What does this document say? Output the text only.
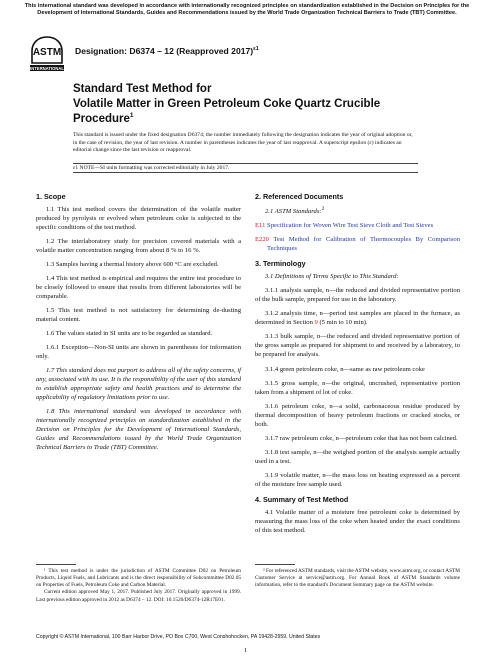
This international standard was developed in accordance with internationally recognized principles on standardization established in the Decision on Principles for the Development of International Standards, Guides and Recommendations issued by the World Trade Organization Technical Barriers to Trade (TBT) Committee.
ASTM
INTERNATIONAL
Designation: D6374 – 12 (Reapproved 2017)$^{\varepsilon 1}$
Standard Test Method for
Volatile Matter in Green Petroleum Coke Quartz Crucible Procedure$^1$
This standard is issued under the fixed designation D6374; the number immediately following the designation indicates the year of original adoption or, in the case of revision, the year of last revision. A number in parentheses indicates the year of last reapproval. A superscript epsilon (ε) indicates an editorial change since the last revision or reapproval.
ε1 NOTE—SI units formatting was corrected editorially in July 2017.
1. Scope

1.1 This test method covers the determination of the volatile matter produced by pyrolysis or evolved when petroleum coke is subjected to the specific conditions of the test method.

1.2 The interlaboratory study for precision covered materials with a volatile matter concentration ranging from about 8 % to 16 %.

1.3 Samples having a thermal history above 600 °C are excluded.

1.4 This test method is empirical and requires the entire test procedure to be closely followed to ensure that results from different laboratories will be comparable.

1.5 This test method is not satisfactory for determining de-dusting material content.

1.6 The values stated in SI units are to be regarded as standard.

1.6.1 Exception—Non-SI units are shown in parentheses for information only.

1.7 This standard does not purport to address all of the safety concerns, if any, associated with its use. It is the responsibility of the user of this standard to establish appropriate safety and health practices and to determine the applicability of regulatory limitations prior to use.

1.8 This international standard was developed in accordance with internationally recognized principles on standardization established in the Decision on Principles for the Development of International Standards, Guides and Recommendations issued by the World Trade Organization Technical Barriers to Trade (TBT) Committee.

2. Referenced Documents

2.1 ASTM Standards:$^2$

E11 Specification for Woven Wire Test Sieve Cloth and Test Sieves

E220 Test Method for Calibration of Thermocouples By Comparison Techniques

3. Terminology

3.1 Definitions of Terms Specific to This Standard:

3.1.1 analysis sample, n—the reduced and divided representative portion of the bulk sample, prepared for use in the laboratory.

3.1.2 analysis time, n—period test samples are placed in the furnace, as determined in Section 9 (5 min to 10 min).

3.1.3 bulk sample, n—the reduced and divided representative portion of the gross sample as prepared for shipment to and received by a laboratory, to be prepared for analysis.

3.1.4 green petroleum coke, n—same as raw petroleum coke

3.1.5 gross sample, n—the original, uncrushed, representative portion taken from a shipment of lot of coke.

3.1.6 petroleum coke, n—a solid, carbonaceous residue produced by thermal decomposition of heavy petroleum fractions or cracked stocks, or both.

3.1.7 raw petroleum coke, n—petroleum coke that has not been calcined.

3.1.8 test sample, n—the weighed portion of the analysis sample actually used in a test.

3.1.9 volatile matter, n—the mass loss on heating expressed as a percent of the moisture free sample used.

4. Summary of Test Method

4.1 Volatile matter of a moisture free petroleum coke is determined by measuring the mass loss of the coke when heated under the exact conditions of this test method.

¹ This test method is under the jurisdiction of ASTM Committee D02 on Petroleum Products, Liquid Fuels, and Lubricants and is the direct responsibility of Subcommittee D02.05 on Properties of Fuels, Petroleum Coke and Carbon Material.

Current edition approved May 1, 2017. Published July 2017. Originally approved in 1999. Last previous edition approved in 2012 as D6374 – 12. DOI: 10.1520/D6374-12R17E01.

² For referenced ASTM standards, visit the ASTM website, www.astm.org, or contact ASTM Customer Service at service@astm.org. For Annual Book of ASTM Standards volume information, refer to the standard's Document Summary page on the ASTM website.

Copyright © ASTM International, 100 Barr Harbor Drive, PO Box C700, West Conshohocken, PA 19428-2959. United States
1
